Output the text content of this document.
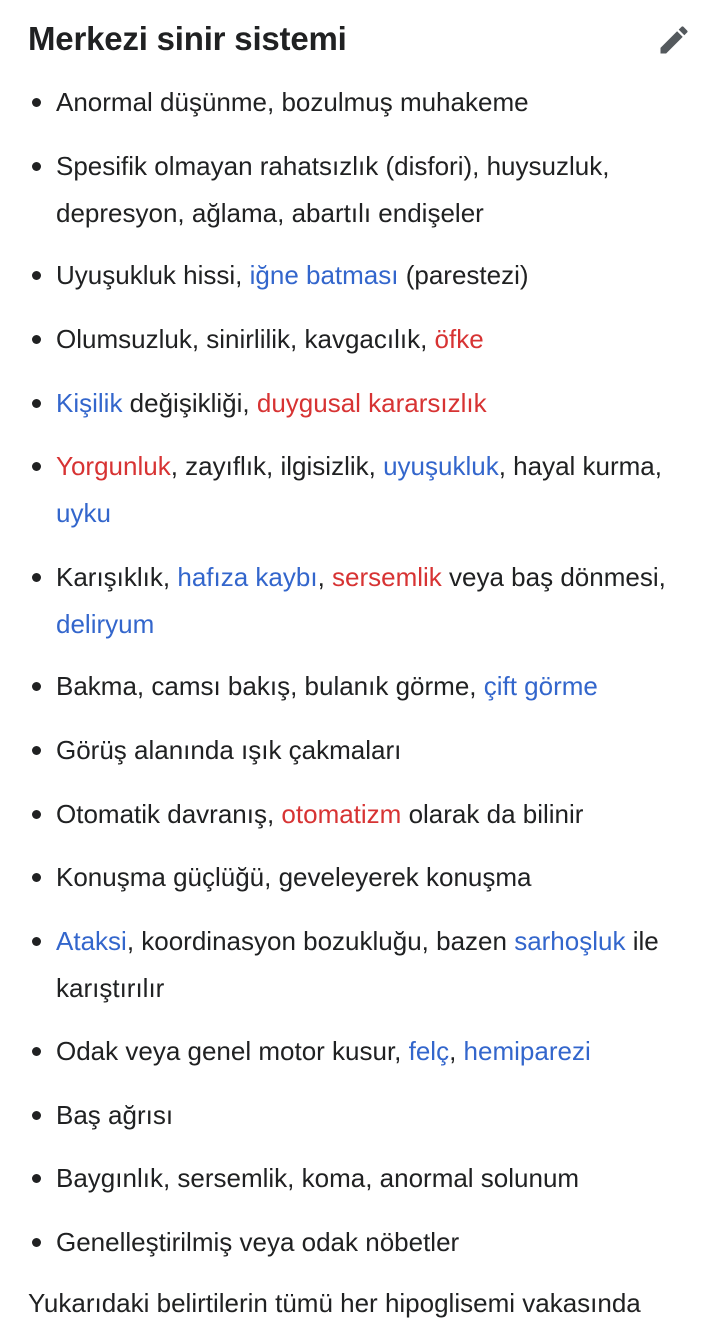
Merkezi sinir sistemi
Anormal düşünme, bozulmuş muhakeme
Spesifik olmayan rahatsızlık (disfori), huysuzluk, depresyon, ağlama, abartılı endişeler
Uyuşukluk hissi, iğne batması (parestezi)
Olumsuzluk, sinirlilik, kavgacılık, öfke
Kişilik değişikliği, duygusal kararsızlık
Yorgunluk, zayıflık, ilgisizlik, uyuşukluk, hayal kurma, uyku
Karışıklık, hafıza kaybı, sersemlik veya baş dönmesi, deliryum
Bakma, camsı bakış, bulanık görme, çift görme
Görüş alanında ışık çakmaları
Otomatik davranış, otomatizm olarak da bilinir
Konuşma güçlüğü, geveleyerek konuşma
Ataksi, koordinasyon bozukluğu, bazen sarhoşluk ile karıştırılır
Odak veya genel motor kusur, felç, hemiparezi
Baş ağrısı
Baygınlık, sersemlik, koma, anormal solunum
Genelleştirilmiş veya odak nöbetler

Yukarıdaki belirtilerin tümü her hipoglisemi vakasında
